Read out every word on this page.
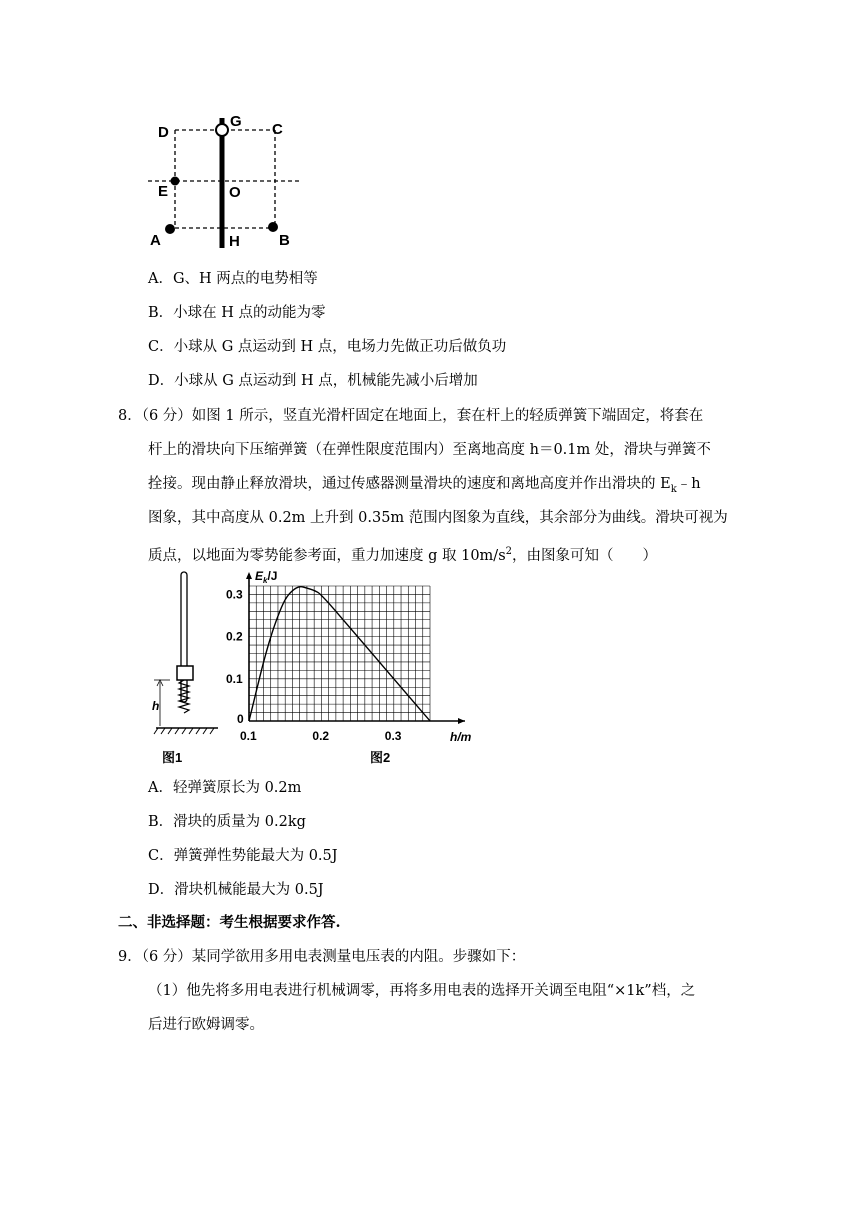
D
G C
E	O
A	H	B
A．G、H 两点的电势相等
B．小球在 H 点的动能为零
C．小球从 G 点运动到 H 点，电场力先做正功后做负功
D．小球从 G 点运动到 H 点，机械能先减小后增加
8．（6 分）如图 1 所示，竖直光滑杆固定在地面上，套在杆上的轻质弹簧下端固定，将套在
杆上的滑块向下压缩弹簧（在弹性限度范围内）至离地高度 h＝0.1m 处，滑块与弹簧不
拴接。现由静止释放滑块，通过传感器测量滑块的速度和离地高度并作出滑块的 $E_k﹣h$
图象，其中高度从 0.2m 上升到 0.35m 范围内图象为直线，其余部分为曲线。滑块可视为
质点，以地面为零势能参考面，重力加速度 g 取 $10m/s^2$，由图象可知（　　）
h
$E_k/J$
h/m
0
0.1	0.2	0.3
0.1
0.2
0.3
图1	图2
A．轻弹簧原长为 0.2m
B．滑块的质量为 0.2kg
C．弹簧弹性势能最大为 0.5J
D．滑块机械能最大为 0.5J
二、非选择题：考生根据要求作答.
9．（6 分）某同学欲用多用电表测量电压表的内阻。步骤如下：
（1）他先将多用电表进行机械调零，再将多用电表的选择开关调至电阻“×1k”档，之
后进行欧姆调零。
